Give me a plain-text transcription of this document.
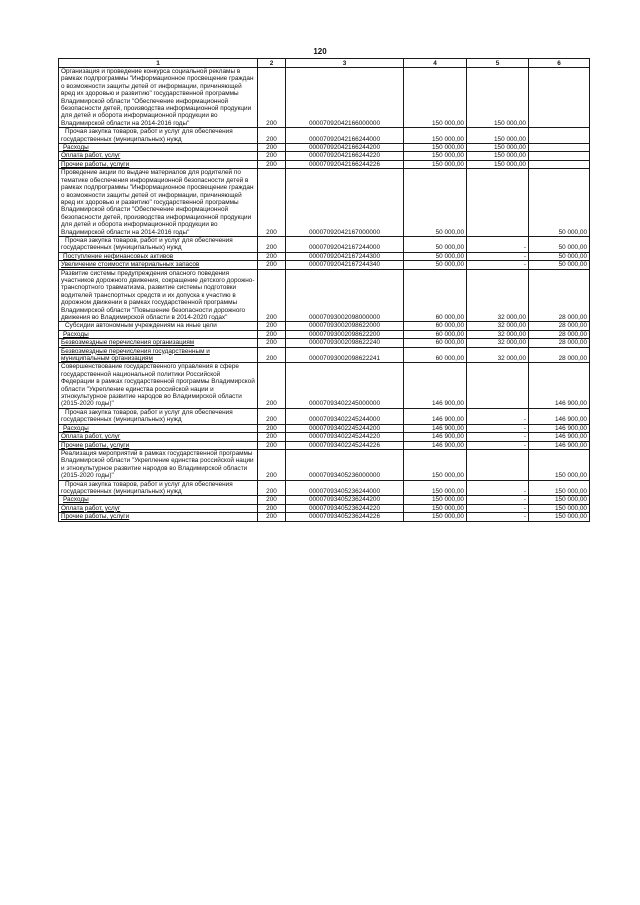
120
1	2	3	4	5	6
Организация и проведение конкурса социальной рекламы в рамках подпрограммы "Информационное просвещение граждан о возможности защиты детей от информации, причиняющей вред их здоровью и развитию" государственной программы Владимирской области "Обеспечение информационной безопасности детей, производства информационной продукции для детей и оборота информационной продукции во Владимирской области на 2014-2016 годы"	200	00007092042166000000	150 000,00	150 000,00	
Прочая закупка товаров, работ и услуг для обеспечения государственных (муниципальных) нужд	200	00007092042166244000	150 000,00	150 000,00	
Расходы	200	00007092042166244200	150 000,00	150 000,00	
Оплата работ, услуг	200	00007092042166244220	150 000,00	150 000,00	
Прочие работы, услуги	200	00007092042166244226	150 000,00	150 000,00	
Проведение акции по выдаче материалов для родителей по тематике обеспечения информационной безопасности детей в рамках подпрограммы "Информационное просвещение граждан о возможности защиты детей от информации, причиняющей вред их здоровью и развитию" государственной программы Владимирской области "Обеспечение информационной безопасности детей, производства информационной продукции для детей и оборота информационной продукции во Владимирской области на 2014-2016 годы"	200	00007092042167000000	50 000,00		50 000,00
Прочая закупка товаров, работ и услуг для обеспечения государственных (муниципальных) нужд	200	00007092042167244000	50 000,00	-	50 000,00
Поступление нефинансовых активов	200	00007092042167244300	50 000,00	-	50 000,00
Увеличение стоимости материальных запасов	200	00007092042167244340	50 000,00	-	50 000,00
Развитие системы предупреждения опасного поведения участников дорожного движения, сокращение детского дорожно-транспортного травматизма, развитие системы подготовки водителей транспортных средств и их допуска к участию в дорожном движении в рамках государственной программы Владимирской области "Повышение безопасности дорожного движения во Владимирской области в 2014-2020 годах"	200	00007093002098000000	60 000,00	32 000,00	28 000,00
Субсидии автономным учреждениям на иные цели	200	00007093002098622000	60 000,00	32 000,00	28 000,00
Расходы	200	00007093002098622200	60 000,00	32 000,00	28 000,00
Безвозмездные перечисления организациям	200	00007093002098622240	60 000,00	32 000,00	28 000,00
Безвозмездные перечисления государственным и муниципальным организациям	200	00007093002098622241	60 000,00	32 000,00	28 000,00
Совершенствование государственного управления в сфере государственной национальной политики Российской Федерации в рамках государственной программы Владимирской области "Укрепление единства российской нации и этнокультурное развитие народов во Владимирской области (2015-2020 годы)"	200	00007093402245000000	146 900,00		146 900,00
Прочая закупка товаров, работ и услуг для обеспечения государственных (муниципальных) нужд	200	00007093402245244000	146 900,00	-	146 900,00
Расходы	200	00007093402245244200	146 900,00	-	146 900,00
Оплата работ, услуг	200	00007093402245244220	146 900,00	-	146 900,00
Прочие работы, услуги	200	00007093402245244226	146 900,00	-	146 900,00
Реализация мероприятий в рамках государственной программы Владимирской области "Укрепление единства российской нации и этнокультурное развитие народов во Владимирской области (2015-2020 годы)"	200	00007093405236000000	150 000,00		150 000,00
Прочая закупка товаров, работ и услуг для обеспечения государственных (муниципальных) нужд	200	00007093405236244000	150 000,00	-	150 000,00
Расходы	200	00007093405236244200	150 000,00	-	150 000,00
Оплата работ, услуг	200	00007093405236244220	150 000,00	-	150 000,00
Прочие работы, услуги	200	00007093405236244226	150 000,00	-	150 000,00
